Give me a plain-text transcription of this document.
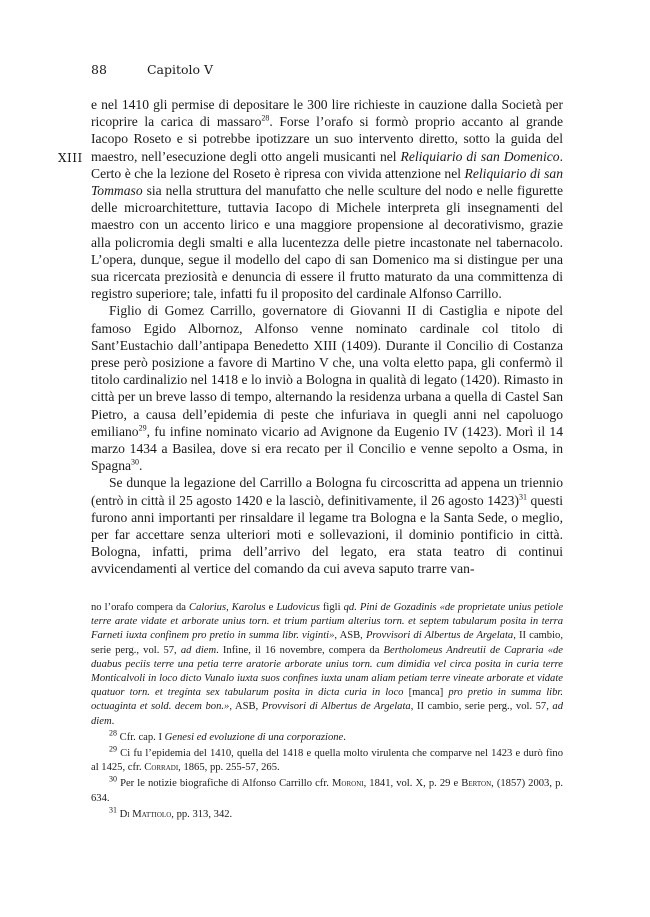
88	Capitolo V
XIII

e nel 1410 gli permise di depositare le 300 lire richieste in cauzione dalla Società per ricoprire la carica di massaro$^{28}$. Forse l’orafo si formò proprio accanto al grande Iacopo Roseto e si potrebbe ipotizzare un suo intervento diretto, sotto la guida del maestro, nell’esecuzione degli otto angeli musicanti nel Reliquiario di san Domenico. Certo è che la lezione del Roseto è ripresa con vivida attenzione nel Reliquiario di san Tommaso sia nella struttura del manufatto che nelle sculture del nodo e nelle figurette delle microarchitetture, tuttavia Iacopo di Michele interpreta gli insegnamenti del maestro con un accento lirico e una maggiore propensione al decorativismo, grazie alla policromia degli smalti e alla lucentezza delle pietre incastonate nel tabernacolo. L’opera, dunque, segue il modello del capo di san Domenico ma si distingue per una sua ricercata preziosità e denuncia di essere il frutto maturato da una committenza di registro superiore; tale, infatti fu il proposito del cardinale Alfonso Carrillo.

Figlio di Gomez Carrillo, governatore di Giovanni II di Castiglia e nipote del famoso Egido Albornoz, Alfonso venne nominato cardinale col titolo di Sant’Eustachio dall’antipapa Benedetto XIII (1409). Durante il Concilio di Costanza prese però posizione a favore di Martino V che, una volta eletto papa, gli confermò il titolo cardinalizio nel 1418 e lo inviò a Bologna in qualità di legato (1420). Rimasto in città per un breve lasso di tempo, alternando la residenza urbana a quella di Castel San Pietro, a causa dell’epidemia di peste che infuriava in quegli anni nel capoluogo emiliano$^{29}$, fu infine nominato vicario ad Avignone da Eugenio IV (1423). Morì il 14 marzo 1434 a Basilea, dove si era recato per il Concilio e venne sepolto a Osma, in Spagna$^{30}$.

Se dunque la legazione del Carrillo a Bologna fu circoscritta ad appena un triennio (entrò in città il 25 agosto 1420 e la lasciò, definitivamente, il 26 agosto 1423)$^{31}$ questi furono anni importanti per rinsaldare il legame tra Bologna e la Santa Sede, o meglio, per far accettare senza ulteriori moti e sollevazioni, il dominio pontificio in città. Bologna, infatti, prima dell’arrivo del legato, era stata teatro di continui avvicendamenti al vertice del comando da cui aveva saputo trarre van-

no l’orafo compera da Calorius, Karolus e Ludovicus figli qd. Pini de Gozadinis «de proprietate unius petiole terre arate vidate et arborate unius torn. et trium partium alterius torn. et septem tabularum posita in terra Farneti iuxta confinem pro pretio in summa libr. viginti», ASB, Provvisori di Albertus de Argelata, II cambio, serie perg., vol. 57, ad diem. Infine, il 16 novembre, compera da Bertholomeus Andreutii de Capraria «de duabus peciis terre una petia terre aratorie arborate unius torn. cum dimidia vel circa posita in curia terre Monticalvoli in loco dicto Vunalo iuxta suos confines iuxta unam aliam petiam terre vineate arborate et vidate quatuor torn. et tregínta sex tabularum posita in dicta curia in loco [manca] pro pretio in summa libr. octuaginta et sold. decem bon.», ASB, Provvisori di Albertus de Argelata, II cambio, serie perg., vol. 57, ad diem.

$^{28}$ Cfr. cap. I Genesi ed evoluzione di una corporazione.

$^{29}$ Ci fu l’epidemia del 1410, quella del 1418 e quella molto virulenta che comparve nel 1423 e durò fino al 1425, cfr. Corradi, 1865, pp. 255-57, 265.

$^{30}$ Per le notizie biografiche di Alfonso Carrillo cfr. Moroni, 1841, vol. X, p. 29 e Berton, (1857) 2003, p. 634.

$^{31}$ Di Mattiolo, pp. 313, 342.
